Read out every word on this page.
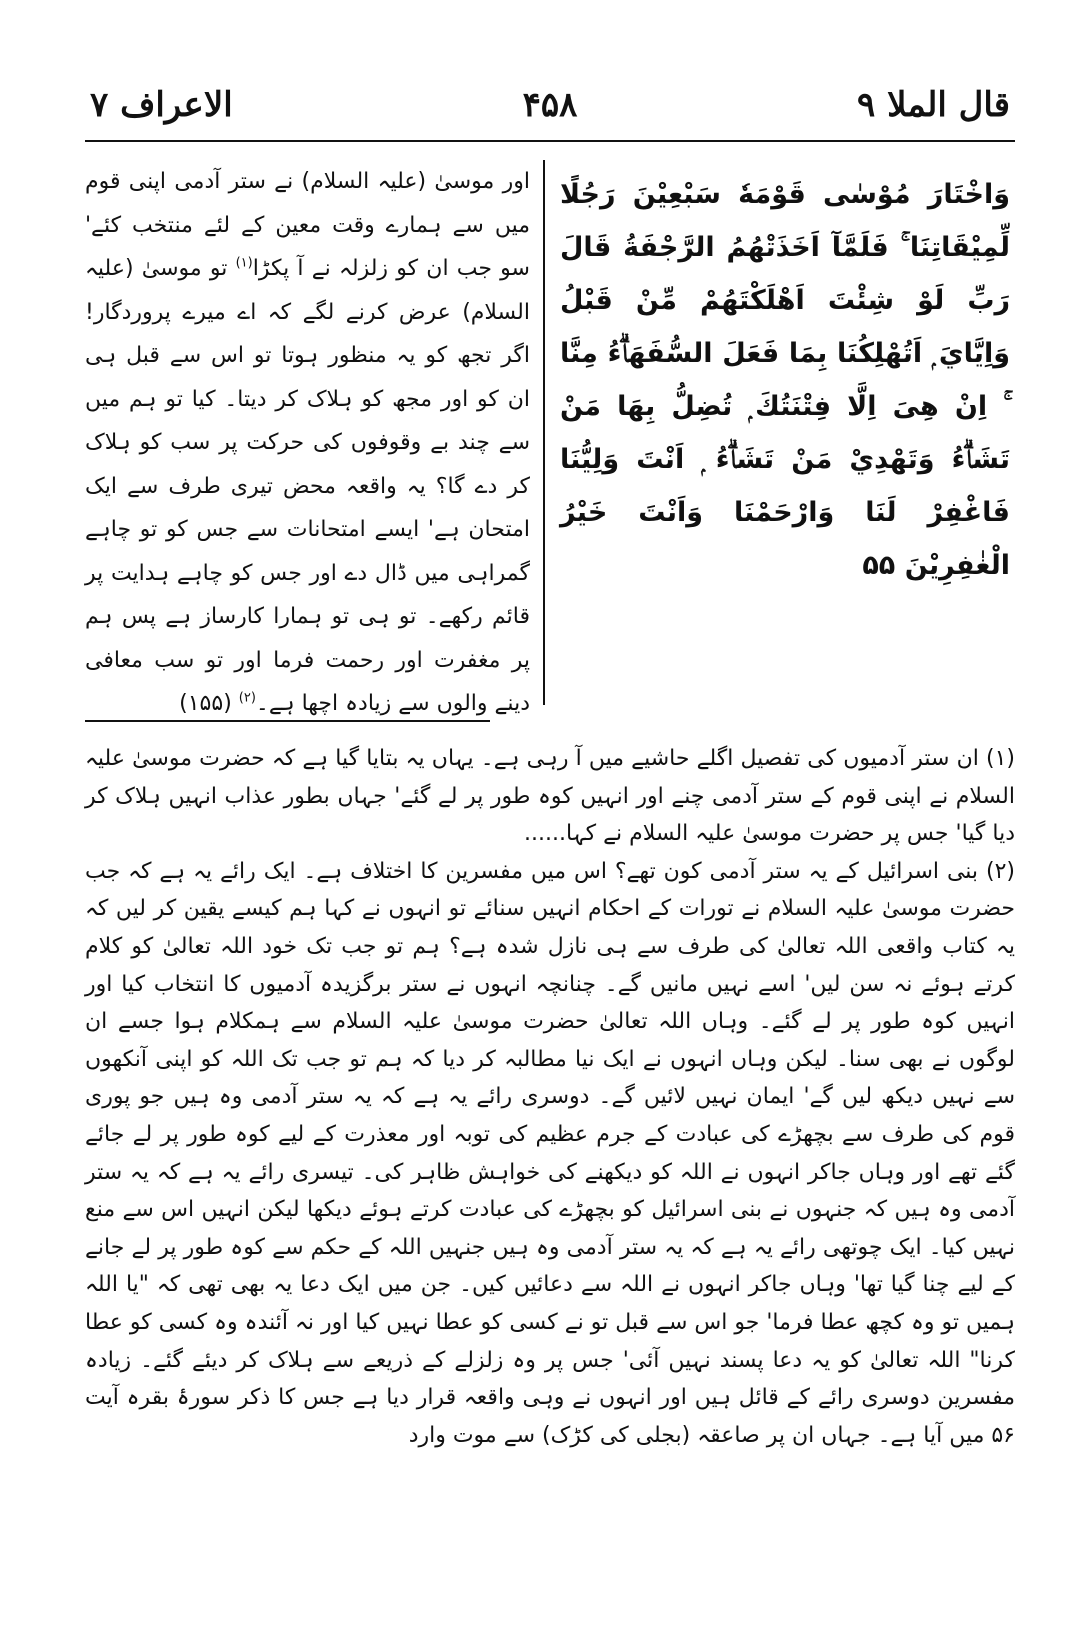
الاعراف ۷	۴۵۸	قال الملا ۹

وَاخْتَارَ مُوْسٰى قَوْمَهٗ سَبْعِيْنَ رَجُلًا لِّمِيْقَاتِنَا ۚ فَلَمَّآ اَخَذَتْهُمُ الرَّجْفَةُ قَالَ رَبِّ لَوْ شِئْتَ اَهْلَكْتَهُمْ مِّنْ قَبْلُ وَاِيَّايَ ۭ اَتُهْلِكُنَا بِمَا فَعَلَ السُّفَهَاۗءُ مِنَّا ۚ اِنْ هِىَ اِلَّا فِتْنَتُكَ ۭ تُضِلُّ بِهَا مَنْ تَشَاۗءُ وَتَهْدِيْ مَنْ تَشَاۗءُ ۭ اَنْتَ وَلِيُّنَا فَاغْفِرْ لَنَا وَارْحَمْنَا وَاَنْتَ خَيْرُ الْغٰفِرِيْنَ ۵۵

اور موسیٰ (علیہ السلام) نے ستر آدمی اپنی قوم میں سے ہمارے وقت معین کے لئے منتخب کئے' سو جب ان کو زلزلہ نے آ پکڑا$^{(۱)}$ تو موسیٰ (علیہ السلام) عرض کرنے لگے کہ اے میرے پروردگار! اگر تجھ کو یہ منظور ہوتا تو اس سے قبل ہی ان کو اور مجھ کو ہلاک کر دیتا۔ کیا تو ہم میں سے چند بے وقوفوں کی حرکت پر سب کو ہلاک کر دے گا؟ یہ واقعہ محض تیری طرف سے ایک امتحان ہے' ایسے امتحانات سے جس کو تو چاہے گمراہی میں ڈال دے اور جس کو چاہے ہدایت پر قائم رکھے۔ تو ہی تو ہمارا کارساز ہے پس ہم پر مغفرت اور رحمت فرما اور تو سب معافی دینے والوں سے زیادہ اچھا ہے۔$^{(۲)}$ (۱۵۵)

(۱) ان ستر آدمیوں کی تفصیل اگلے حاشیے میں آ رہی ہے۔ یہاں یہ بتایا گیا ہے کہ حضرت موسیٰ علیہ السلام نے اپنی قوم کے ستر آدمی چنے اور انہیں کوہ طور پر لے گئے' جہاں بطور عذاب انہیں ہلاک کر دیا گیا' جس پر حضرت موسیٰ علیہ السلام نے کہا......

(۲) بنی اسرائیل کے یہ ستر آدمی کون تھے؟ اس میں مفسرین کا اختلاف ہے۔ ایک رائے یہ ہے کہ جب حضرت موسیٰ علیہ السلام نے تورات کے احکام انہیں سنائے تو انہوں نے کہا ہم کیسے یقین کر لیں کہ یہ کتاب واقعی اللہ تعالیٰ کی طرف سے ہی نازل شدہ ہے؟ ہم تو جب تک خود اللہ تعالیٰ کو کلام کرتے ہوئے نہ سن لیں' اسے نہیں مانیں گے۔ چنانچہ انہوں نے ستر برگزیدہ آدمیوں کا انتخاب کیا اور انہیں کوہ طور پر لے گئے۔ وہاں اللہ تعالیٰ حضرت موسیٰ علیہ السلام سے ہمکلام ہوا جسے ان لوگوں نے بھی سنا۔ لیکن وہاں انہوں نے ایک نیا مطالبہ کر دیا کہ ہم تو جب تک اللہ کو اپنی آنکھوں سے نہیں دیکھ لیں گے' ایمان نہیں لائیں گے۔ دوسری رائے یہ ہے کہ یہ ستر آدمی وہ ہیں جو پوری قوم کی طرف سے بچھڑے کی عبادت کے جرم عظیم کی توبہ اور معذرت کے لیے کوہ طور پر لے جائے گئے تھے اور وہاں جاکر انہوں نے اللہ کو دیکھنے کی خواہش ظاہر کی۔ تیسری رائے یہ ہے کہ یہ ستر آدمی وہ ہیں کہ جنہوں نے بنی اسرائیل کو بچھڑے کی عبادت کرتے ہوئے دیکھا لیکن انہیں اس سے منع نہیں کیا۔ ایک چوتھی رائے یہ ہے کہ یہ ستر آدمی وہ ہیں جنہیں اللہ کے حکم سے کوہ طور پر لے جانے کے لیے چنا گیا تھا' وہاں جاکر انہوں نے اللہ سے دعائیں کیں۔ جن میں ایک دعا یہ بھی تھی کہ "یا اللہ ہمیں تو وہ کچھ عطا فرما' جو اس سے قبل تو نے کسی کو عطا نہیں کیا اور نہ آئندہ وہ کسی کو عطا کرنا" اللہ تعالیٰ کو یہ دعا پسند نہیں آئی' جس پر وہ زلزلے کے ذریعے سے ہلاک کر دیئے گئے۔ زیادہ مفسرین دوسری رائے کے قائل ہیں اور انہوں نے وہی واقعہ قرار دیا ہے جس کا ذکر سورۂ بقرہ آیت ۵۶ میں آیا ہے۔ جہاں ان پر صاعقہ (بجلی کی کڑک) سے موت وارد
